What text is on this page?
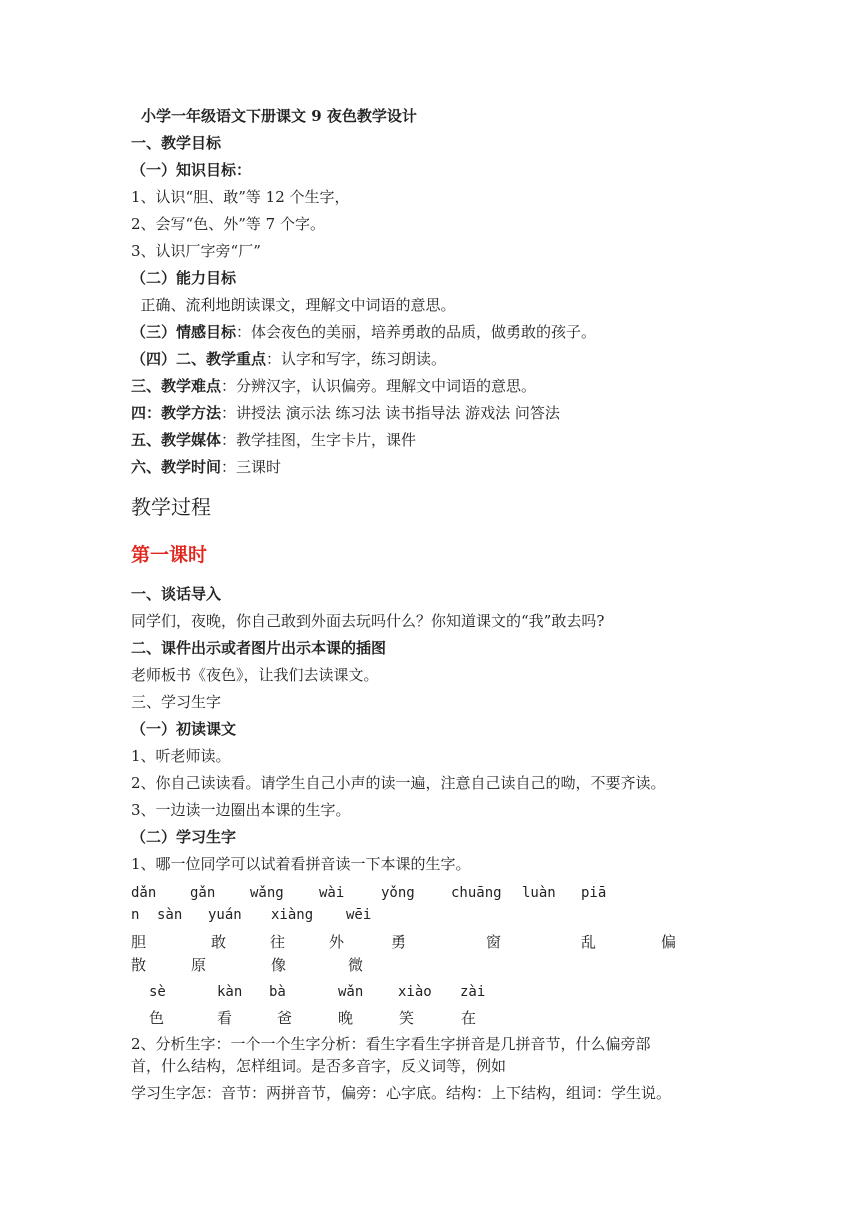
小学一年级语文下册课文 9 夜色教学设计
一、教学目标
（一）知识目标：
1、认识“胆、敢”等 12 个生字，
2、会写“色、外”等 7 个字。
3、认识厂字旁“厂”
（二）能力目标
正确、流利地朗读课文，理解文中词语的意思。
（三）情感目标：体会夜色的美丽，培养勇敢的品质，做勇敢的孩子。
（四）二、教学重点：认字和写字，练习朗读。
三、教学难点：分辨汉字，认识偏旁。理解文中词语的意思。
四：教学方法：讲授法 演示法 练习法 读书指导法 游戏法 问答法
五、教学媒体：教学挂图，生字卡片，课件
六、教学时间：三课时
教学过程
第一课时
一、谈话导入
同学们，夜晚，你自己敢到外面去玩吗什么？你知道课文的“我”敢去吗?
二、课件出示或者图片出示本课的插图
老师板书《夜色》，让我们去读课文。
三、学习生字
（一）初读课文
1、听老师读。
2、你自己读读看。请学生自己小声的读一遍，注意自己读自己的呦，不要齐读。
3、一边读一边圈出本课的生字。
（二）学习生字
1、哪一位同学可以试着看拼音读一下本课的生字。
dǎn gǎn wǎng	wài	yǒng	chuāng luàn piā
n sàn yuán xiàng wēi
胆	敢	往	外	勇	窗	乱	偏
散	原	像	微
sè	kàn bà	wǎn xiào zài
色	看	爸	晚	笑	在
2、分析生字：一个一个生字分析：看生字看生字拼音是几拼音节，什么偏旁部
首，什么结构，怎样组词。是否多音字，反义词等，例如
学习生字怎：音节：两拼音节，偏旁：心字底。结构：上下结构，组词：学生说。
